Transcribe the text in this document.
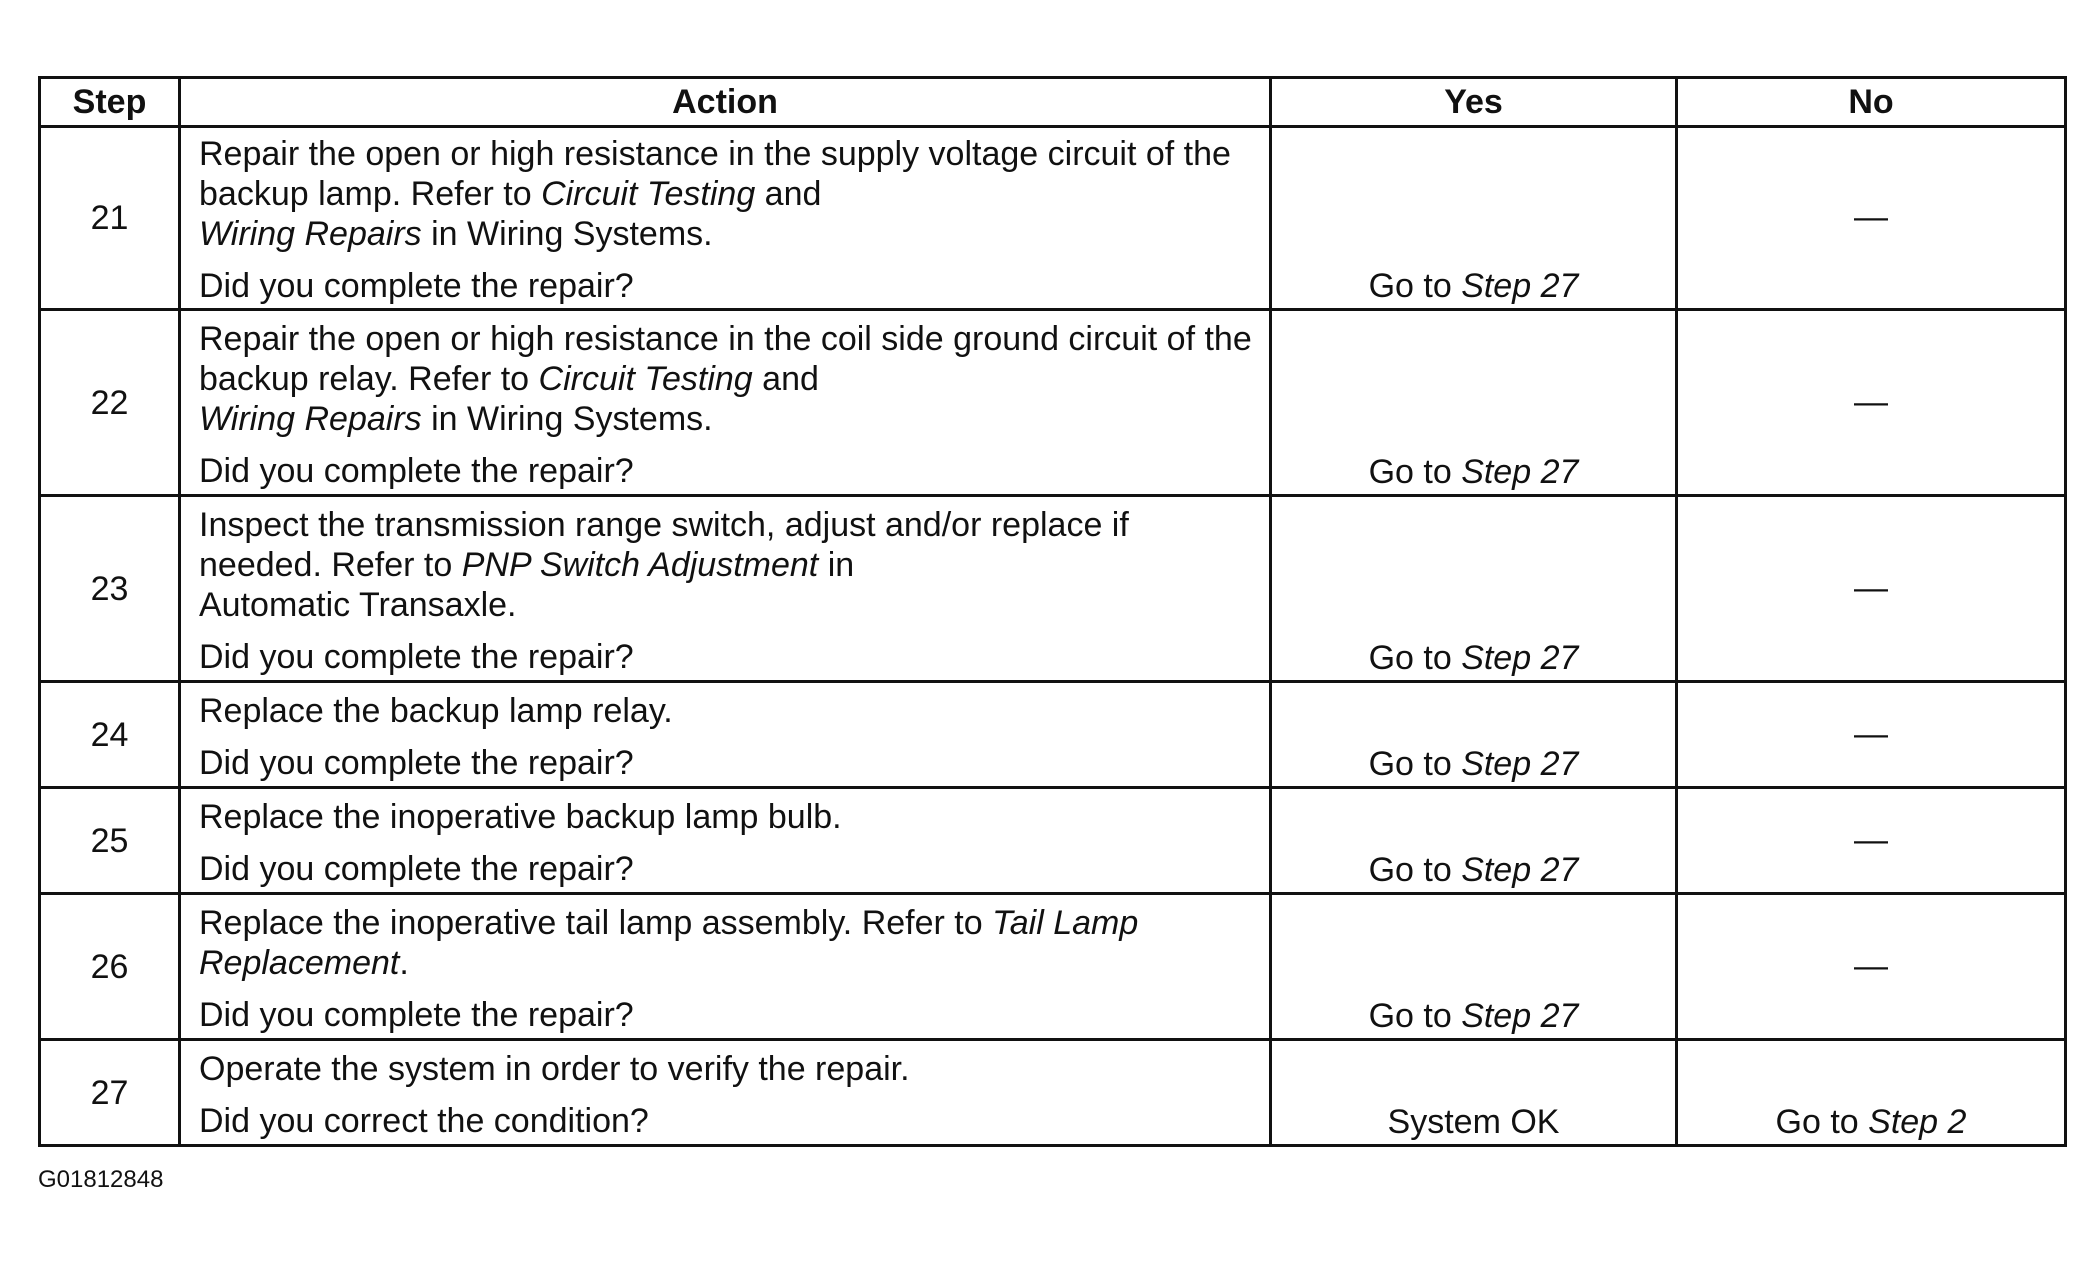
Step	Action	Yes	No
21	Repair the open or high resistance in the supply voltage circuit of the backup lamp. Refer to Circuit Testing and
Wiring Repairs in Wiring Systems.
Did you complete the repair?	Go to Step 27	—
22	Repair the open or high resistance in the coil side ground circuit of the backup relay. Refer to Circuit Testing and
Wiring Repairs in Wiring Systems.
Did you complete the repair?	Go to Step 27	—
23	Inspect the transmission range switch, adjust and/or replace if needed. Refer to PNP Switch Adjustment in
Automatic Transaxle.
Did you complete the repair?	Go to Step 27	—
24	Replace the backup lamp relay.
Did you complete the repair?	Go to Step 27	—
25	Replace the inoperative backup lamp bulb.
Did you complete the repair?	Go to Step 27	—
26	Replace the inoperative tail lamp assembly. Refer to Tail Lamp Replacement.
Did you complete the repair?	Go to Step 27	—
27	Operate the system in order to verify the repair.
Did you correct the condition?	System OK	Go to Step 2
G01812848
